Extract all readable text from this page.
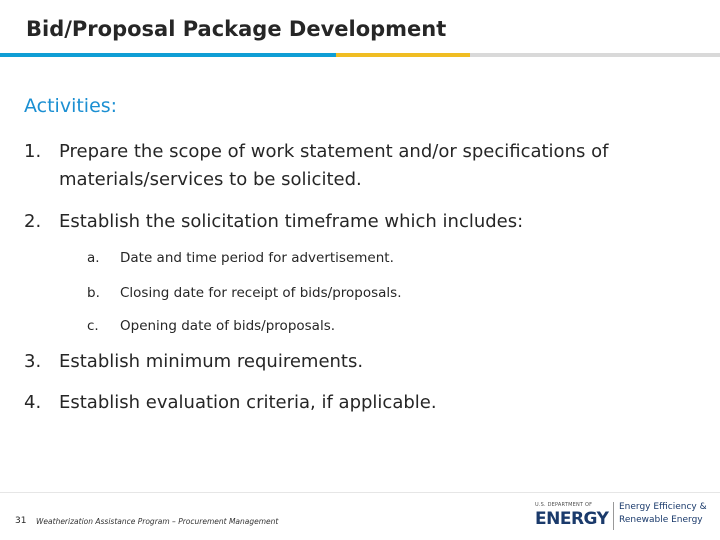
Bid/Proposal Package Development
Activities:
1. Prepare the scope of work statement and/or specifications of materials/services to be solicited.
2. Establish the solicitation timeframe which includes:
a. Date and time period for advertisement.
b. Closing date for receipt of bids/proposals.
c. Opening date of bids/proposals.
3. Establish minimum requirements.
4. Establish evaluation criteria, if applicable.
31 Weatherization Assistance Program – Procurement Management
U.S. DEPARTMENT OF
ENERGY
Energy Efficiency &
Renewable Energy
